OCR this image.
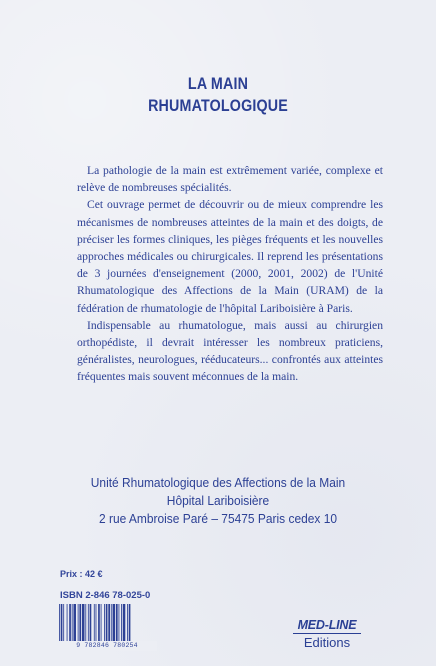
LA MAIN
RHUMATOLOGIQUE

La pathologie de la main est extrêmement variée, complexe et relève de nombreuses spécialités.

Cet ouvrage permet de découvrir ou de mieux comprendre les mécanismes de nombreuses atteintes de la main et des doigts, de préciser les formes cliniques, les pièges fréquents et les nouvelles approches médicales ou chirurgicales. Il reprend les présentations de 3 journées d'enseignement (2000, 2001, 2002) de l'Unité Rhumatologique des Affections de la Main (URAM) de la fédération de rhumatologie de l'hôpital Lariboisière à Paris.

Indispensable au rhumatologue, mais aussi au chirurgien orthopédiste, il devrait intéresser les nombreux praticiens, généralistes, neurologues, rééducateurs... confrontés aux atteintes fréquentes mais souvent méconnues de la main.

Unité Rhumatologique des Affections de la Main
Hôpital Lariboisière
2 rue Ambroise Paré – 75475 Paris cedex 10
Prix : 42 €
ISBN 2-846 78-025-0
9 782846 780254
MED-LINE
Editions
